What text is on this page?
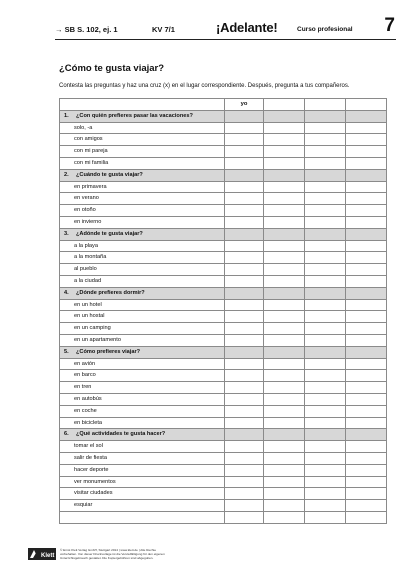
→ SB S. 102, ej. 1	KV 7/1	¡Adelante!	Curso profesional 7
¿Cómo te gusta viajar?
Contesta las preguntas y haz una cruz (x) en el lugar correspondiente. Después, pregunta a tus compañeros.
	yo			
1. ¿Con quién prefieres pasar las vacaciones?				
solo, -a				
con amigos				
con mi pareja				
con mi familia				
2. ¿Cuándo te gusta viajar?				
en primavera				
en verano				
en otoño				
en invierno				
3. ¿Adónde te gusta viajar?				
a la playa				
a la montaña				
al pueblo				
a la ciudad				
4. ¿Dónde prefieres dormir?				
en un hotel				
en un hostal				
en un camping				
en un apartamento				
5. ¿Cómo prefieres viajar?				
en avión				
en barco				
en tren				
en autobús				
en coche				
en bicicleta				
6. ¿Qué actividades te gusta hacer?				
tomar el sol				
salir de fiesta				
hacer deporte				
ver monumentos				
visitar ciudades				
esquiar				

Klett
© Ernst Klett Verlag GmbH, Stuttgart 2014 | www.klett.de | Alle Rechte
vorbehalten. Von dieser Druckvorlage ist die Vervielfältigung für den eigenen
Unterrichtsgebrauch gestattet. Die Kopiergebühren sind abgegolten.
